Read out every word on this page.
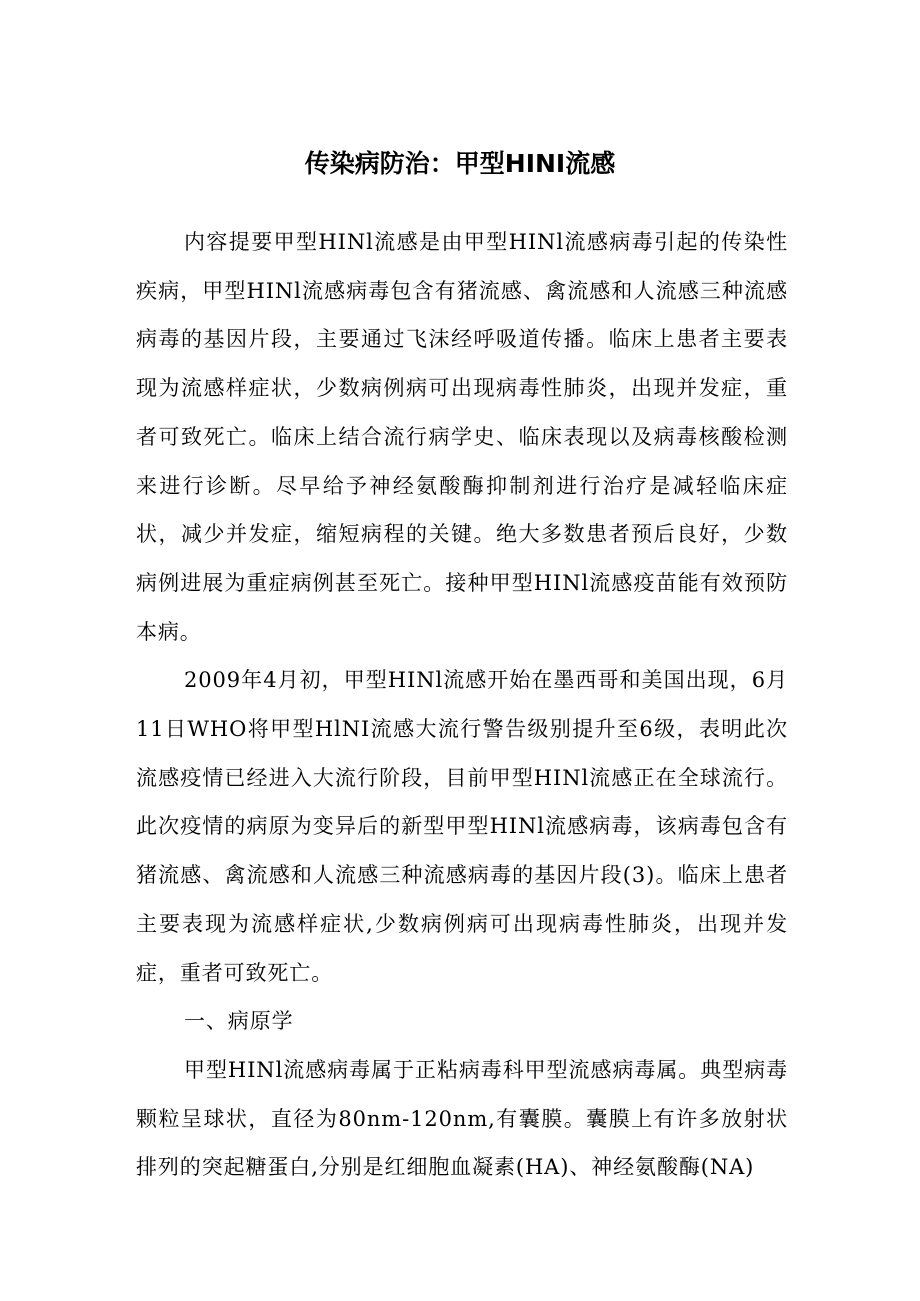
传染病防治：甲型HINI流感

内容提要甲型HINl流感是由甲型HINl流感病毒引起的传染性疾病，甲型HINl流感病毒包含有猪流感、禽流感和人流感三种流感病毒的基因片段，主要通过飞沫经呼吸道传播。临床上患者主要表现为流感样症状，少数病例病可出现病毒性肺炎，出现并发症，重者可致死亡。临床上结合流行病学史、临床表现以及病毒核酸检测来进行诊断。尽早给予神经氨酸酶抑制剂进行治疗是减轻临床症状，减少并发症，缩短病程的关键。绝大多数患者预后良好，少数病例进展为重症病例甚至死亡。接种甲型HINl流感疫苗能有效预防本病。

2009年4月初，甲型HINl流感开始在墨西哥和美国出现，6月11日WHO将甲型HlNI流感大流行警告级别提升至6级，表明此次流感疫情已经进入大流行阶段，目前甲型HINl流感正在全球流行。此次疫情的病原为变异后的新型甲型HINl流感病毒，该病毒包含有猪流感、禽流感和人流感三种流感病毒的基因片段(3)。临床上患者主要表现为流感样症状,少数病例病可出现病毒性肺炎，出现并发症，重者可致死亡。

一、病原学

甲型HINl流感病毒属于正粘病毒科甲型流感病毒属。典型病毒颗粒呈球状，直径为80nm-120nm,有囊膜。囊膜上有许多放射状排列的突起糖蛋白,分别是红细胞血凝素(HA)、神经氨酸酶(NA)
